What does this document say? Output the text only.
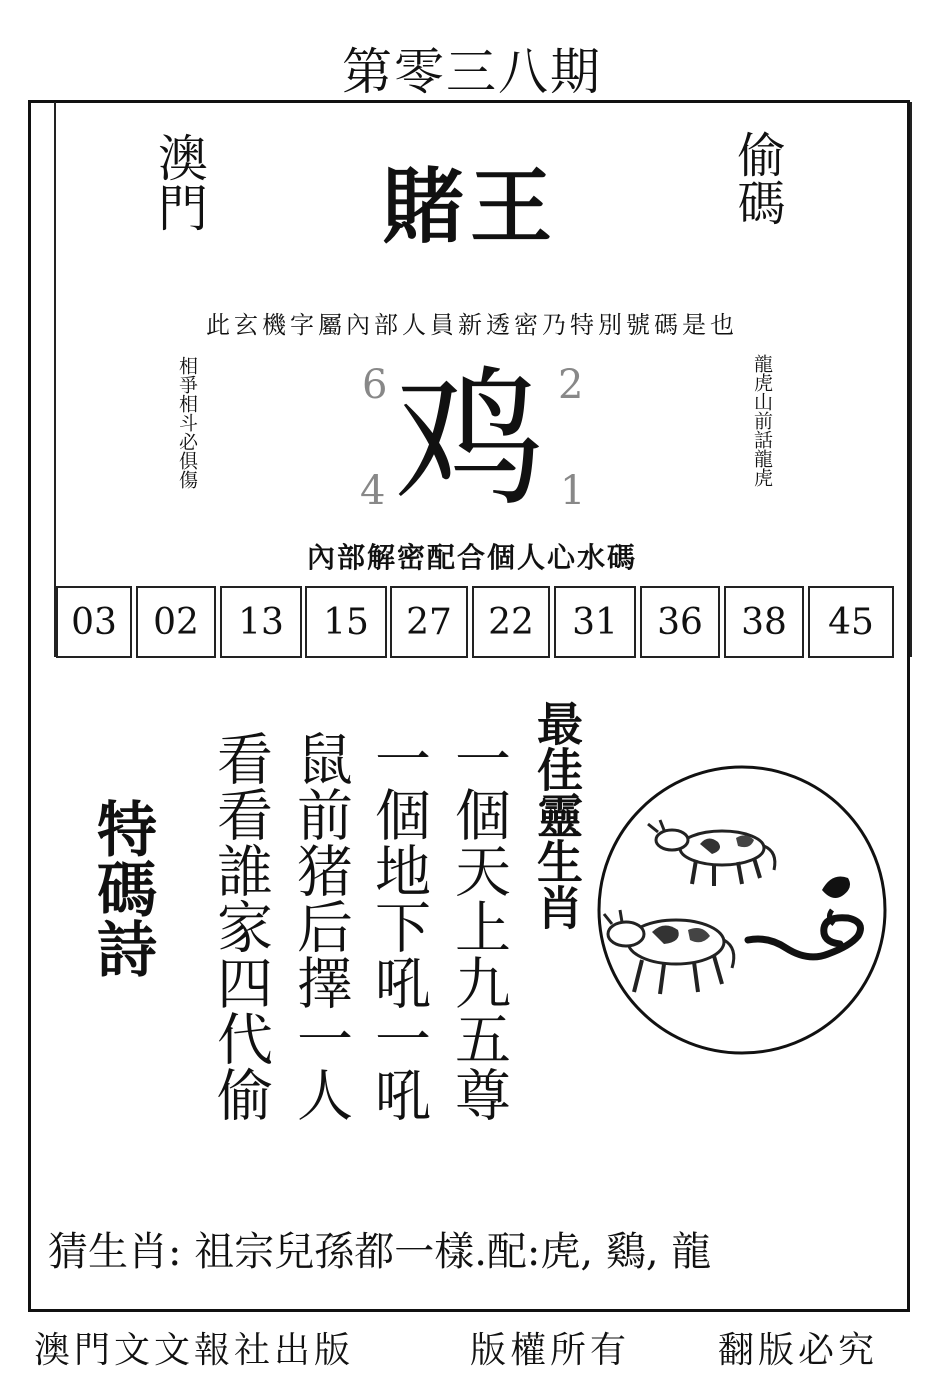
第零三八期
澳門 賭王	偷碼
此玄機字屬內部人員新透密乃特別號碼是也
相爭相斗必俱傷	龍虎山前話龍虎
6	2
4	1
鸡
內部解密配合個人心水碼
03	02	13	15	27	22	31	36	38	45
特碼詩 看看誰家四代偷 鼠前猪后擇一人 一個地下吼一吼 一個天上九五尊 最佳靈生肖
猜生肖: 祖宗兒孫都一樣.配:虎, 鷄, 龍
澳門文文報社出版	版權所有 翻版必究
